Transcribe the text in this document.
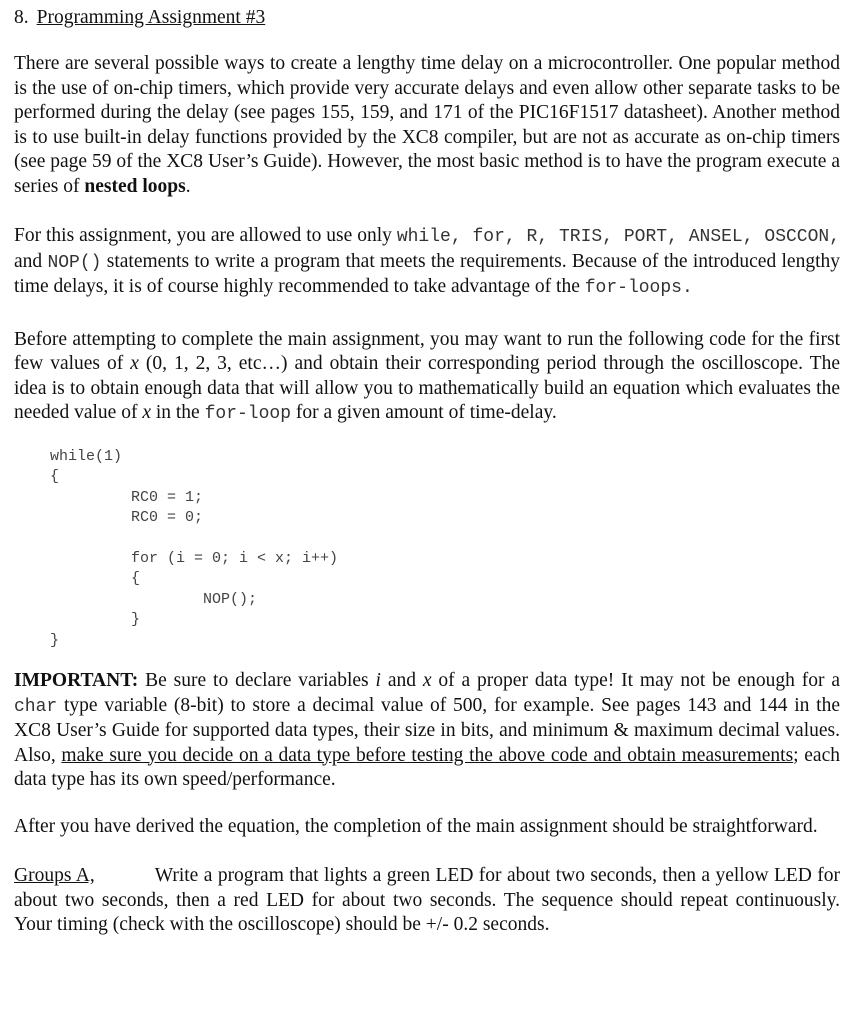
8. Programming Assignment #3

There are several possible ways to create a lengthy time delay on a microcontroller. One popular method is the use of on-chip timers, which provide very accurate delays and even allow other separate tasks to be performed during the delay (see pages 155, 159, and 171 of the PIC16F1517 datasheet). Another method is to use built-in delay functions provided by the XC8 compiler, but are not as accurate as on-chip timers (see page 59 of the XC8 User’s Guide). However, the most basic method is to have the program execute a series of nested loops.

For this assignment, you are allowed to use only while, for, R, TRIS, PORT, ANSEL, OSCCON, and NOP() statements to write a program that meets the requirements. Because of the introduced lengthy time delays, it is of course highly recommended to take advantage of the for-loops.

Before attempting to complete the main assignment, you may want to run the following code for the first few values of x (0, 1, 2, 3, etc…) and obtain their corresponding period through the oscilloscope. The idea is to obtain enough data that will allow you to mathematically build an equation which evaluates the needed value of x in the for-loop for a given amount of time-delay.

while(1)
{
RC0 = 1;
RC0 = 0;
for (i = 0; i < x; i++)
{
NOP();
}
}

IMPORTANT: Be sure to declare variables i and x of a proper data type! It may not be enough for a char type variable (8-bit) to store a decimal value of 500, for example. See pages 143 and 144 in the XC8 User’s Guide for supported data types, their size in bits, and minimum & maximum decimal values. Also, make sure you decide on a data type before testing the above code and obtain measurements; each data type has its own speed/performance.

After you have derived the equation, the completion of the main assignment should be straightforward.

Groups A,	Write a program that lights a green LED for about two seconds, then a yellow LED for about two seconds, then a red LED for about two seconds. The sequence should repeat continuously. Your timing (check with the oscilloscope) should be +/- 0.2 seconds.
